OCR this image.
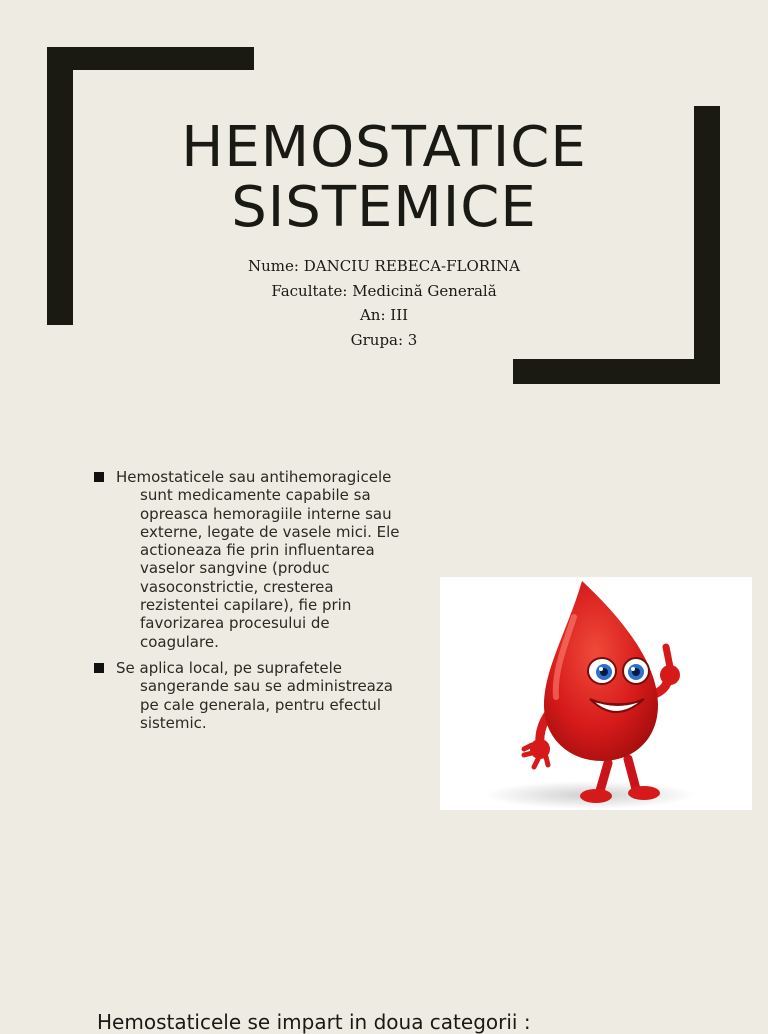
HEMOSTATICE
SISTEMICE
Nume: DANCIU REBECA-FLORINA
Facultate: Medicină Generală
An: III
Grupa: 3
Hemostaticele sau antihemoragicele sunt medicamente capabile sa opreasca hemoragiile interne sau externe, legate de vasele mici. Ele actioneaza fie prin influentarea vaselor sangvine (produc vasoconstrictie, cresterea rezistentei capilare), fie prin favorizarea procesului de coagulare.
Se aplica local, pe suprafetele sangerande sau se administreaza pe cale generala, pentru efectul sistemic.

Hemostaticele se impart in doua categorii :
